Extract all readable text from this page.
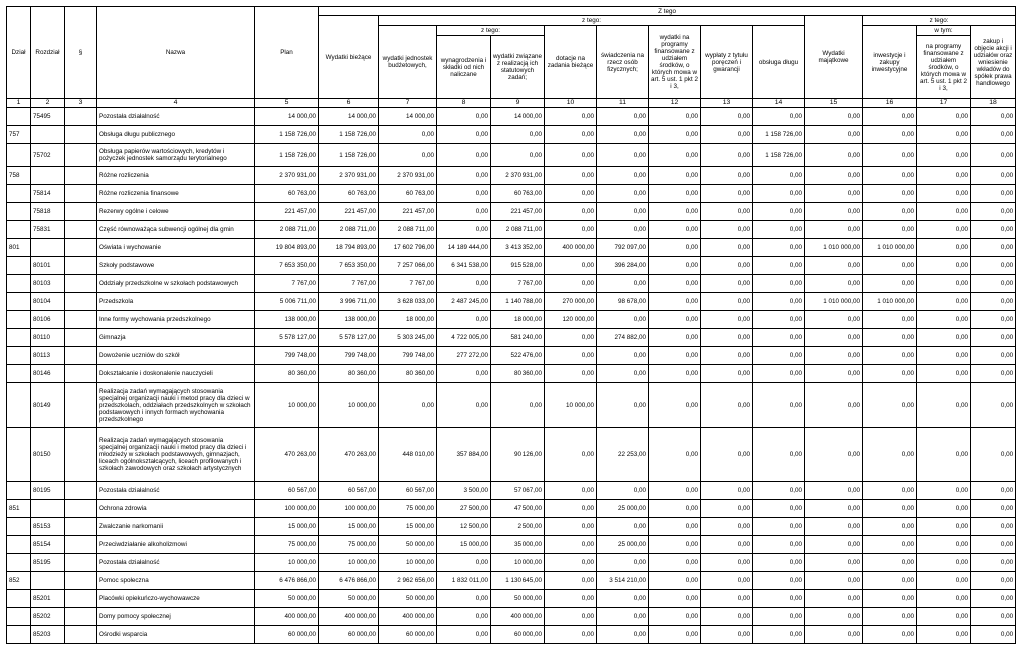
Dział	Rozdział	§	Nazwa	Plan	Z tego												
					Wydatki bieżące	z tego:								Wydatki majątkowe	z tego:		
						wydatki jednostek budżetowych,	z tego:		dotacje na zadania bieżące	świadczenia na rzecz osób fizycznych;	wydatki na programy finansowane z udziałem środków, o których mowa w art. 5 ust. 1 pkt 2 i 3,	wypłaty z tytułu poręczeń i gwarancji	obsługa długu		inwestycje i zakupy inwestycyjne	w tym:	zakup i objęcie akcji i udziałów oraz wniesienie wkładów do spółek prawa handlowego
							wynagrodzenia i składki od nich naliczane	wydatki związane z realizacją ich statutowych zadań;								na programy finansowane z udziałem środków, o których mowa w art. 5 ust. 1 pkt 2 i 3,	

1	2	3	4	5	6	7	8	9	10	11	12	13	14	15	16	17	18
	75495		Pozostała działalność	14 000,00	14 000,00	14 000,00	0,00	14 000,00	0,00	0,00	0,00	0,00	0,00	0,00	0,00	0,00	0,00
757			Obsługa długu publicznego	1 158 726,00	1 158 726,00	0,00	0,00	0,00	0,00	0,00	0,00	0,00	1 158 726,00	0,00	0,00	0,00	0,00
	75702		Obsługa papierów wartościowych, kredytów i pożyczek jednostek samorządu terytorialnego	1 158 726,00	1 158 726,00	0,00	0,00	0,00	0,00	0,00	0,00	0,00	1 158 726,00	0,00	0,00	0,00	0,00
758			Różne rozliczenia	2 370 931,00	2 370 931,00	2 370 931,00	0,00	2 370 931,00	0,00	0,00	0,00	0,00	0,00	0,00	0,00	0,00	0,00
	75814		Różne rozliczenia finansowe	60 763,00	60 763,00	60 763,00	0,00	60 763,00	0,00	0,00	0,00	0,00	0,00	0,00	0,00	0,00	0,00
	75818		Rezerwy ogólne i celowe	221 457,00	221 457,00	221 457,00	0,00	221 457,00	0,00	0,00	0,00	0,00	0,00	0,00	0,00	0,00	0,00
	75831		Część równoważąca subwencji ogólnej dla gmin	2 088 711,00	2 088 711,00	2 088 711,00	0,00	2 088 711,00	0,00	0,00	0,00	0,00	0,00	0,00	0,00	0,00	0,00
801			Oświata i wychowanie	19 804 893,00	18 794 893,00	17 602 796,00	14 189 444,00	3 413 352,00	400 000,00	792 097,00	0,00	0,00	0,00	1 010 000,00	1 010 000,00	0,00	0,00
	80101		Szkoły podstawowe	7 653 350,00	7 653 350,00	7 257 066,00	6 341 538,00	915 528,00	0,00	396 284,00	0,00	0,00	0,00	0,00	0,00	0,00	0,00
	80103		Oddziały przedszkolne w szkołach podstawowych	7 767,00	7 767,00	7 767,00	0,00	7 767,00	0,00	0,00	0,00	0,00	0,00	0,00	0,00	0,00	0,00
	80104		Przedszkola	5 006 711,00	3 996 711,00	3 628 033,00	2 487 245,00	1 140 788,00	270 000,00	98 678,00	0,00	0,00	0,00	1 010 000,00	1 010 000,00	0,00	0,00
	80106		Inne formy wychowania przedszkolnego	138 000,00	138 000,00	18 000,00	0,00	18 000,00	120 000,00	0,00	0,00	0,00	0,00	0,00	0,00	0,00	0,00
	80110		Gimnazja	5 578 127,00	5 578 127,00	5 303 245,00	4 722 005,00	581 240,00	0,00	274 882,00	0,00	0,00	0,00	0,00	0,00	0,00	0,00
	80113		Dowożenie uczniów do szkół	799 748,00	799 748,00	799 748,00	277 272,00	522 476,00	0,00	0,00	0,00	0,00	0,00	0,00	0,00	0,00	0,00
	80146		Dokształcanie i doskonalenie nauczycieli	80 360,00	80 360,00	80 360,00	0,00	80 360,00	0,00	0,00	0,00	0,00	0,00	0,00	0,00	0,00	0,00
	80149		Realizacja zadań wymagających stosowania specjalnej organizacji nauki i metod pracy dla dzieci w przedszkolach, oddziałach przedszkolnych w szkołach podstawowych i innych formach wychowania przedszkolnego	10 000,00	10 000,00	0,00	0,00	0,00	10 000,00	0,00	0,00	0,00	0,00	0,00	0,00	0,00	0,00
	80150		Realizacja zadań wymagających stosowania specjalnej organizacji nauki i metod pracy dla dzieci i młodzieży w szkołach podstawowych, gimnazjach, liceach ogólnokształcących, liceach profilowanych i szkołach zawodowych oraz szkołach artystycznych	470 263,00	470 263,00	448 010,00	357 884,00	90 126,00	0,00	22 253,00	0,00	0,00	0,00	0,00	0,00	0,00	0,00
	80195		Pozostała działalność	60 567,00	60 567,00	60 567,00	3 500,00	57 067,00	0,00	0,00	0,00	0,00	0,00	0,00	0,00	0,00	0,00
851			Ochrona zdrowia	100 000,00	100 000,00	75 000,00	27 500,00	47 500,00	0,00	25 000,00	0,00	0,00	0,00	0,00	0,00	0,00	0,00
	85153		Zwalczanie narkomanii	15 000,00	15 000,00	15 000,00	12 500,00	2 500,00	0,00	0,00	0,00	0,00	0,00	0,00	0,00	0,00	0,00
	85154		Przeciwdziałanie alkoholizmowi	75 000,00	75 000,00	50 000,00	15 000,00	35 000,00	0,00	25 000,00	0,00	0,00	0,00	0,00	0,00	0,00	0,00
	85195		Pozostała działalność	10 000,00	10 000,00	10 000,00	0,00	10 000,00	0,00	0,00	0,00	0,00	0,00	0,00	0,00	0,00	0,00
852			Pomoc społeczna	6 476 866,00	6 476 866,00	2 962 656,00	1 832 011,00	1 130 645,00	0,00	3 514 210,00	0,00	0,00	0,00	0,00	0,00	0,00	0,00
	85201		Placówki opiekuńczo-wychowawcze	50 000,00	50 000,00	50 000,00	0,00	50 000,00	0,00	0,00	0,00	0,00	0,00	0,00	0,00	0,00	0,00
	85202		Domy pomocy społecznej	400 000,00	400 000,00	400 000,00	0,00	400 000,00	0,00	0,00	0,00	0,00	0,00	0,00	0,00	0,00	0,00
	85203		Ośrodki wsparcia	60 000,00	60 000,00	60 000,00	0,00	60 000,00	0,00	0,00	0,00	0,00	0,00	0,00	0,00	0,00	0,00
